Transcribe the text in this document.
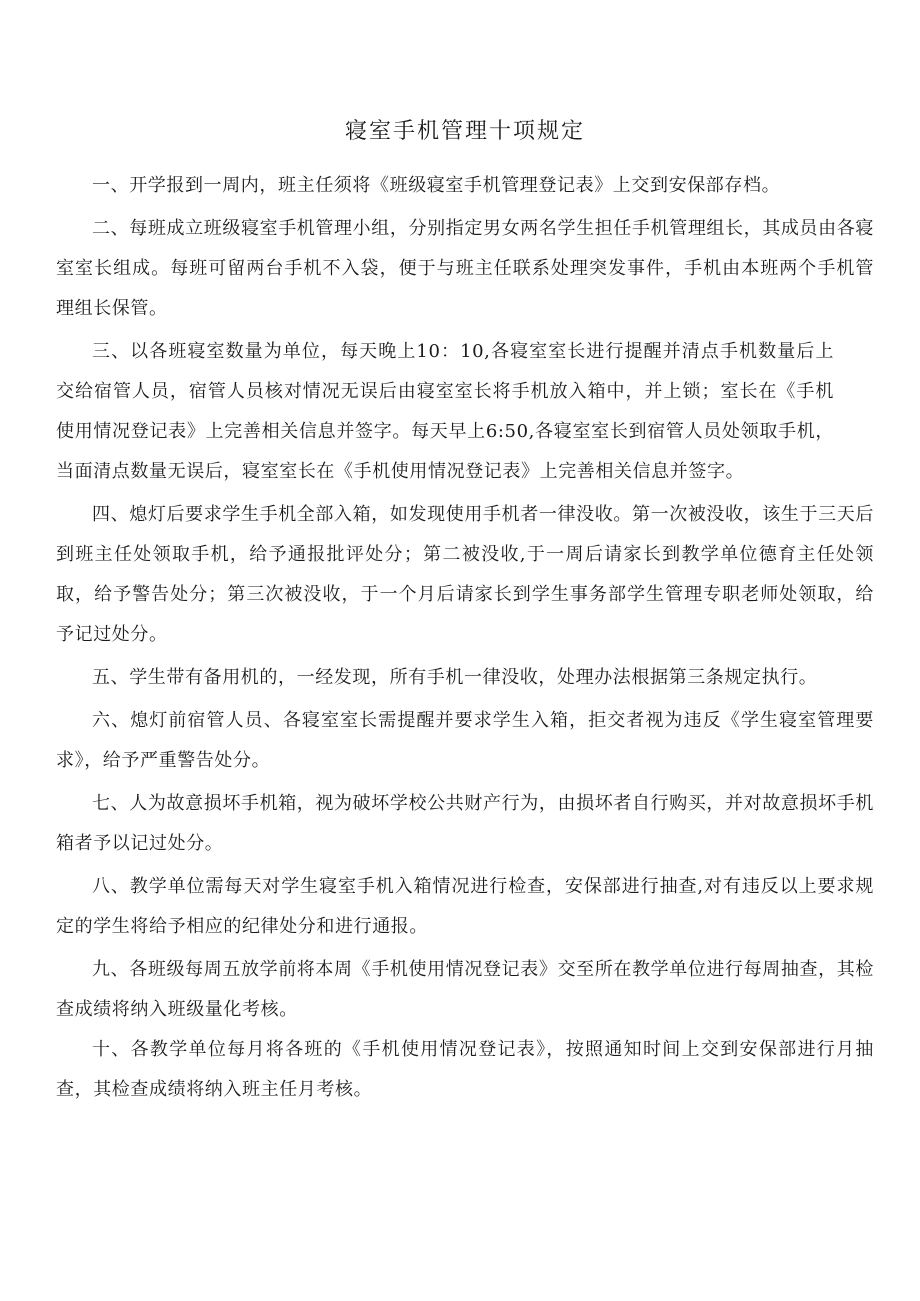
寝室手机管理十项规定

一、开学报到一周内，班主任须将《班级寝室手机管理登记表》上交到安保部存档。

二、每班成立班级寝室手机管理小组，分别指定男女两名学生担任手机管理组长，其成员由各寝室室长组成。每班可留两台手机不入袋，便于与班主任联系处理突发事件，手机由本班两个手机管理组长保管。

三、以各班寝室数量为单位，每天晚上10：10,各寝室室长进行提醒并清点手机数量后上交给宿管人员，宿管人员核对情况无误后由寝室室长将手机放入箱中，并上锁；室长在《手机使用情况登记表》上完善相关信息并签字。每天早上6:50,各寝室室长到宿管人员处领取手机，当面清点数量无误后，寝室室长在《手机使用情况登记表》上完善相关信息并签字。

四、熄灯后要求学生手机全部入箱，如发现使用手机者一律没收。第一次被没收，该生于三天后到班主任处领取手机，给予通报批评处分；第二被没收,于一周后请家长到教学单位德育主任处领取，给予警告处分；第三次被没收，于一个月后请家长到学生事务部学生管理专职老师处领取，给予记过处分。

五、学生带有备用机的，一经发现，所有手机一律没收，处理办法根据第三条规定执行。

六、熄灯前宿管人员、各寝室室长需提醒并要求学生入箱，拒交者视为违反《学生寝室管理要求》，给予严重警告处分。

七、人为故意损坏手机箱，视为破坏学校公共财产行为，由损坏者自行购买，并对故意损坏手机箱者予以记过处分。

八、教学单位需每天对学生寝室手机入箱情况进行检查，安保部进行抽查,对有违反以上要求规定的学生将给予相应的纪律处分和进行通报。

九、各班级每周五放学前将本周《手机使用情况登记表》交至所在教学单位进行每周抽查，其检查成绩将纳入班级量化考核。

十、各教学单位每月将各班的《手机使用情况登记表》，按照通知时间上交到安保部进行月抽查，其检查成绩将纳入班主任月考核。
